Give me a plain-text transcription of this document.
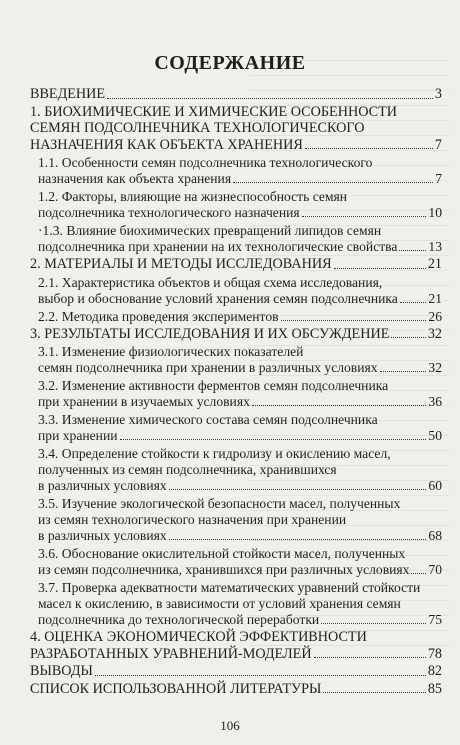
СОДЕРЖАНИЕ
ВВЕДЕНИЕ	3
1. БИОХИМИЧЕСКИЕ И ХИМИЧЕСКИЕ ОСОБЕННОСТИ
СЕМЯН ПОДСОЛНЕЧНИКА ТЕХНОЛОГИЧЕСКОГО
НАЗНАЧЕНИЯ КАК ОБЪЕКТА ХРАНЕНИЯ	7
1.1. Особенности семян подсолнечника технологического
назначения как объекта хранения	7
1.2. Факторы, влияющие на жизнеспособность семян
подсолнечника технологического назначения	10
·1.3. Влияние биохимических превращений липидов семян
подсолнечника при хранении на их технологические свойства 13
2. МАТЕРИАЛЫ И МЕТОДЫ ИССЛЕДОВАНИЯ	21
2.1. Характеристика объектов и общая схема исследования,
выбор и обоснование условий хранения семян подсолнечника 21
2.2. Методика проведения экспериментов	26
3. РЕЗУЛЬТАТЫ ИССЛЕДОВАНИЯ И ИХ ОБСУЖДЕНИЕ	32
3.1. Изменение физиологических показателей
семян подсолнечника при хранении в различных условиях	32
3.2. Изменение активности ферментов семян подсолнечника
при хранении в изучаемых условиях	36
3.3. Изменение химического состава семян подсолнечника
при хранении	50
3.4. Определение стойкости к гидролизу и окислению масел,
полученных из семян подсолнечника, хранившихся
в различных условиях	60
3.5. Изучение экологической безопасности масел, полученных
из семян технологического назначения при хранении
в различных условиях	68
3.6. Обоснование окислительной стойкости масел, полученных
из семян подсолнечника, хранившихся при различных условиях 70
3.7. Проверка адекватности математических уравнений стойкости
масел к окислению, в зависимости от условий хранения семян
подсолнечника до технологической переработки	75
4. ОЦЕНКА ЭКОНОМИЧЕСКОЙ ЭФФЕКТИВНОСТИ
РАЗРАБОТАННЫХ УРАВНЕНИЙ-МОДЕЛЕЙ	78
ВЫВОДЫ	82
СПИСОК ИСПОЛЬЗОВАННОЙ ЛИТЕРАТУРЫ	85
106
